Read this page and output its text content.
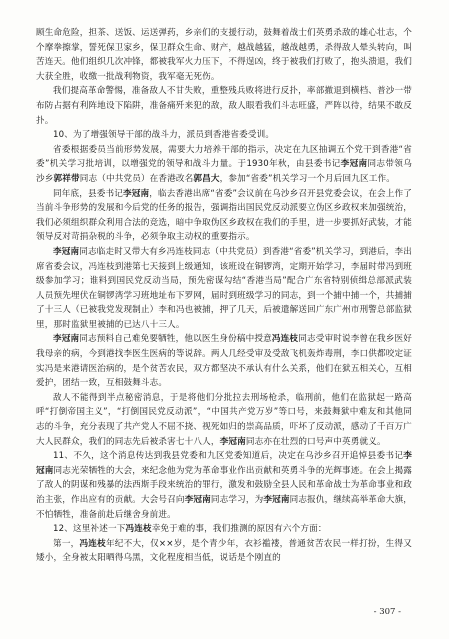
顾生命危险，担茶、送饭、运送弹药，乡亲们的支援行动，鼓舞着战士们英勇杀敌的雄心壮志，个个摩拳擦掌，誓死保卫家乡，保卫群众生命、财产，越战越猛，越战越勇，杀得敌人晕头转向，叫苦连天。他们组织几次冲锋，都被我军火力压下，不得逞凶，终于被我们打败了，抱头溃退，我们大获全胜，收缴一批战利物资，我军毫无死伤。

我们提高革命警惕，准备敌人不甘失败，重整残兵败将进行反扑，率部撤退到横档、普沙一带布防占据有利阵地设下陷阱，准备痛歼来犯的敌，敌人眼看我们斗志旺盛，严阵以待，结果不敢反扑。

10、为了增强领导干部的战斗力，派员到香港省委受训。

省委根据委员当前形势发展，需要大力培养干部的指示，决定在九区抽调五个党干到香港“省委”机关学习批培训，以增强党的领导和战斗力量。于1930年秋，由县委书记李冠南同志带领乌沙乡郭祥带同志（中共党员）在香港改名郭昌大，参加“省委”机关学习一个月后回九区工作。

同年底，县委书记李冠南，临去香港出席“省委”会议前在乌沙乡召开县党委会议，在会上作了当前斗争形势的发展和今后党的任务的报告，强调指出国民党反动派要立伪区乡政权来加强统治，我们必须组织群众利用合法的竞选，暗中争取伪区乡政权在我们的手里，进一步要抓好武装，才能领导反对苛捐杂税的斗争，必须争取主动权的重要指示。

李冠南同志临走时又带大有乡冯连枝同志（中共党员）到香港“省委”机关学习，到港后，李出席省委会议，冯连枝到港第七天接到上级通知，该班设在铜锣湾，定期开始学习，李届时带冯到班级参加学习；谁料到国民党反动当局，预先密谋勾结“香港当局”配合广东省特别侦缉总部派武装人员预先埋伏在铜锣湾学习班地址布下罗网，届时到班级学习的同志，到一个捕中捕一个，共捕捕了十三人（已被我党发现制止）李和冯也被捕，押了几天，后被遣解送回广东广州市刑警总部监狱里，那时监狱里被捕的已达八十三人。

李冠南同志预料自己难免要牺牲，他以医生身份稿中授意冯连枝同志受审时说李曾在我乡医好我母亲的病，今到港找李医生医病的等说辞。两人几经受审及受敌飞机轰炸毒刑，李口供都咬定证实冯是来港请医治病的，是个贫苦农民，双方都坚决不承认有什么关系，他们在狱五相关心，互相爱护，团结一致，互相鼓舞斗志。

敌人不能得到半点秘密消息，于是将他们分批拉去刑场枪杀，临刑前，他们在监狱起一路高呼“打倒帝国主义”，“打倒国民党反动派”，“中国共产党万岁”等口号，来鼓舞狱中难友和其他同志的斗争，充分表现了共产党人不屈不挠、视死如归的崇高品质，吓坏了反动派，感动了千百万广大人民群众，我们的同志先后被杀害七十八人，李冠南同志亦在壮烈的口号声中英勇就义。

11、不久，这个消息传达到我县党委和九区党委知道后，决定在乌沙乡召开追悼县委书记李冠南同志光荣牺牲的大会，来纪念他为党为革命事业作出贡献和英勇斗争的光辉事迹。在会上揭露了敌人的阴谋和残暴的法西斯手段来统治的罪行，激发和鼓励全县人民和革命战士为革命事业和政治主张，作出应有的贡献。大会号召向李冠南同志学习，为李冠南同志报仇，继续高举革命大旗，不怕牺牲，准备前赴后继舍身前进。

12、这里补述一下冯连枝幸免于难的事，我们推测的原因有六个方面：

第一，冯连枝年纪不大，仅××岁，是个青少年，衣衫褴褛，普通贫苦农民一样打扮，生得又矮小，全身被太阳晒得乌黑，文化程度相当低，说话是个刚直的

- 307 -
